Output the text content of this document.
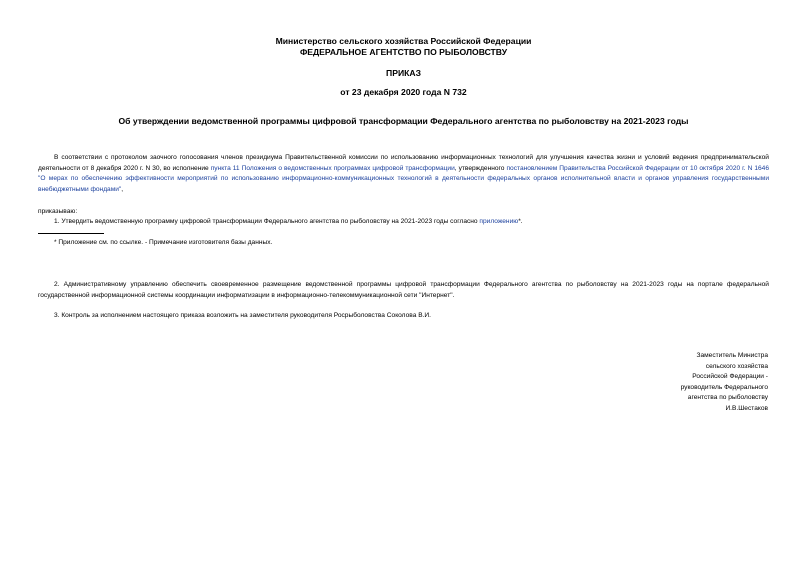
Министерство сельского хозяйства Российской Федерации
ФЕДЕРАЛЬНОЕ АГЕНТСТВО ПО РЫБОЛОВСТВУ
ПРИКАЗ
от 23 декабря 2020 года N 732
Об утверждении ведомственной программы цифровой трансформации Федерального агентства по рыболовству на 2021-2023 годы
В соответствии с протоколом заочного голосования членов президиума Правительственной комиссии по использованию информационных технологий для улучшения качества жизни и условий ведения предпринимательской деятельности от 8 декабря 2020 г. N 30, во исполнение пункта 11 Положения о ведомственных программах цифровой трансформации, утвержденного постановлением Правительства Российской Федерации от 10 октября 2020 г. N 1646 "О мерах по обеспечению эффективности мероприятий по использованию информационно-коммуникационных технологий в деятельности федеральных органов исполнительной власти и органов управления государственными внебюджетными фондами",
приказываю:
1. Утвердить ведомственную программу цифровой трансформации Федерального агентства по рыболовству на 2021-2023 годы согласно приложению*.
* Приложение см. по ссылке. - Примечание изготовителя базы данных.
2. Административному управлению обеспечить своевременное размещение ведомственной программы цифровой трансформации Федерального агентства по рыболовству на 2021-2023 годы на портале федеральной государственной информационной системы координации информатизации в информационно-телекоммуникационной сети "Интернет".
3. Контроль за исполнением настоящего приказа возложить на заместителя руководителя Росрыболовства Соколова В.И.
Заместитель Министра
сельского хозяйства
Российской Федерации -
руководитель Федерального
агентства по рыболовству
И.В.Шестаков
